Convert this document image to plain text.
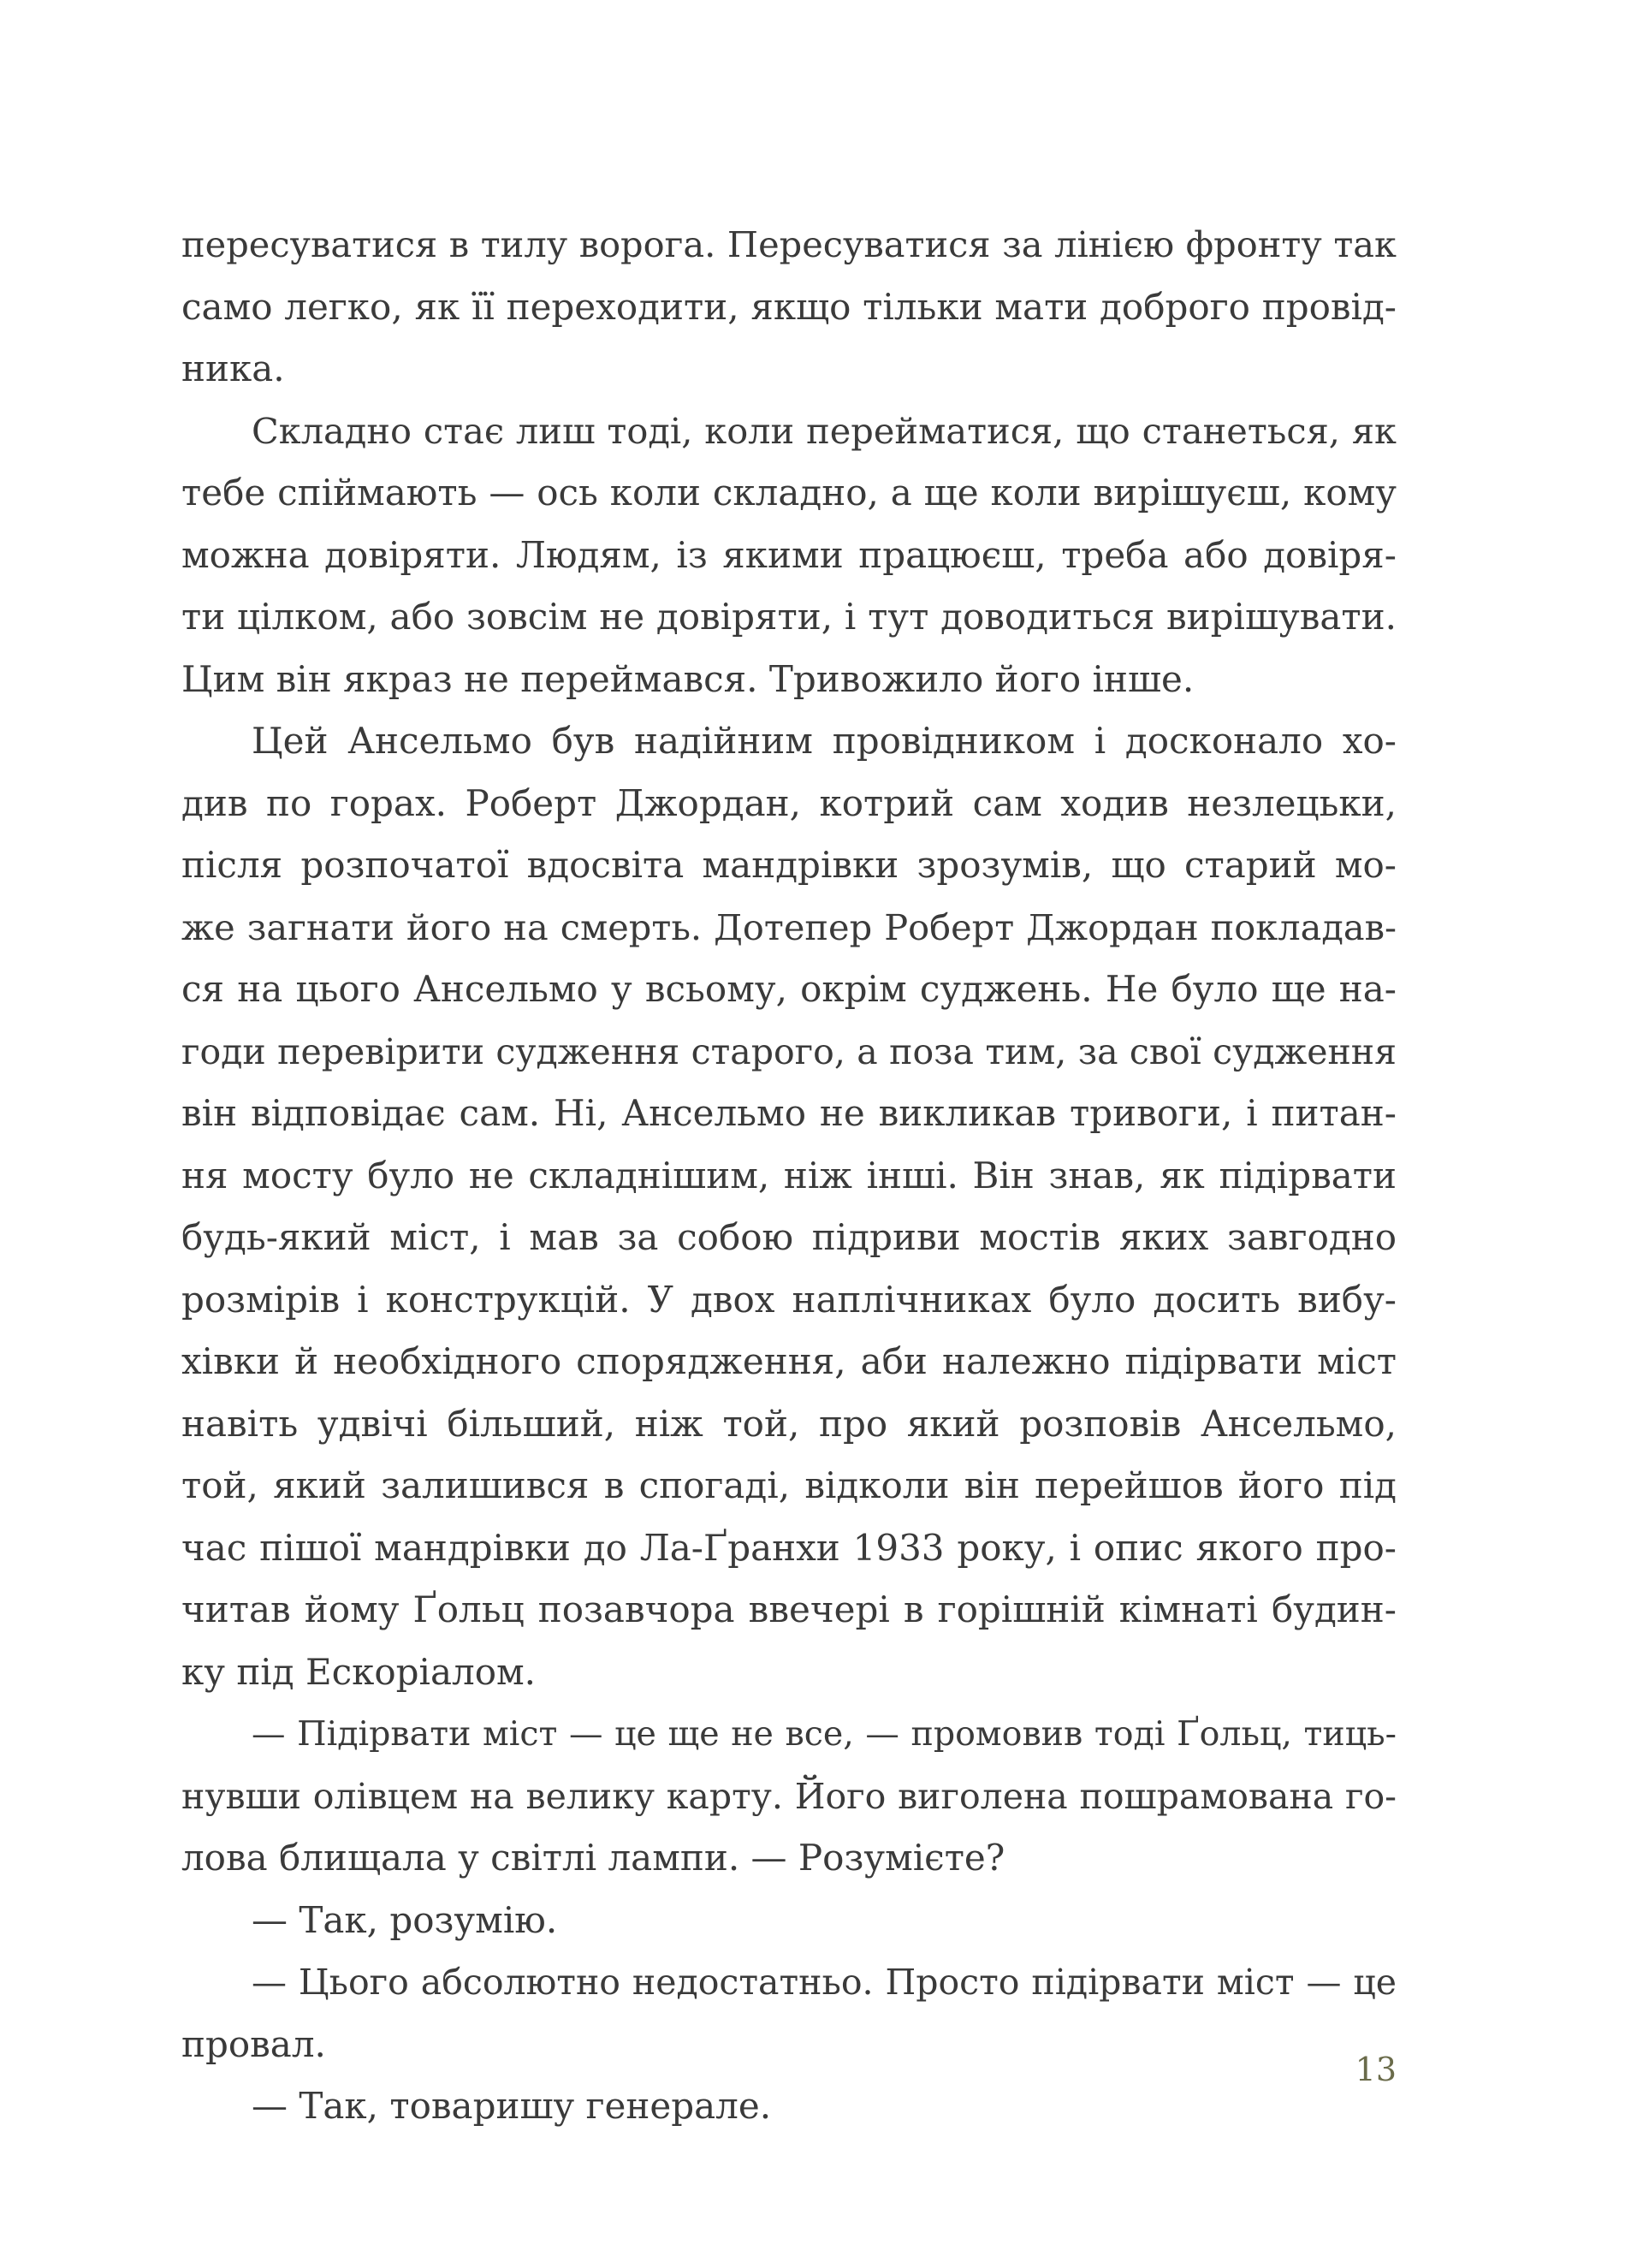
пересуватися в тилу ворога. Пересуватися за лінією фронту так
само легко, як її переходити, якщо тільки мати доброго провід-
ника.
Складно стає лиш тоді, коли перейматися, що станеться, як
тебе спіймають — ось коли складно, а ще коли вирішуєш, кому
можна довіряти. Людям, із якими працюєш, треба або довіря-
ти цілком, або зовсім не довіряти, і тут доводиться вирішувати.
Цим він якраз не переймався. Тривожило його інше.
Цей Ансельмо був надійним провідником і досконало хо-
див по горах. Роберт Джордан, котрий сам ходив незлецьки,
після розпочатої вдосвіта мандрівки зрозумів, що старий мо-
же загнати його на смерть. Дотепер Роберт Джордан покладав-
ся на цього Ансельмо у всьому, окрім суджень. Не було ще на-
годи перевірити судження старого, а поза тим, за свої судження
він відповідає сам. Ні, Ансельмо не викликав тривоги, і питан-
ня мосту було не складнішим, ніж інші. Він знав, як підірвати
будь-який міст, і мав за собою підриви мостів яких завгодно
розмірів і конструкцій. У двох наплічниках було досить вибу-
хівки й необхідного спорядження, аби належно підірвати міст
навіть удвічі більший, ніж той, про який розповів Ансельмо,
той, який залишився в спогаді, відколи він перейшов його під
час пішої мандрівки до Ла-Ґранхи 1933 року, і опис якого про-
читав йому Ґольц позавчора ввечері в горішній кімнаті будин-
ку під Ескоріалом.
— Підірвати міст — це ще не все, — промовив тоді Ґольц, тиць-
нувши олівцем на велику карту. Його виголена пошрамована го-
лова блищала у світлі лампи. — Розумієте?
— Так, розумію.
— Цього абсолютно недостатньо. Просто підірвати міст — це
провал.
— Так, товаришу генерале.
13
